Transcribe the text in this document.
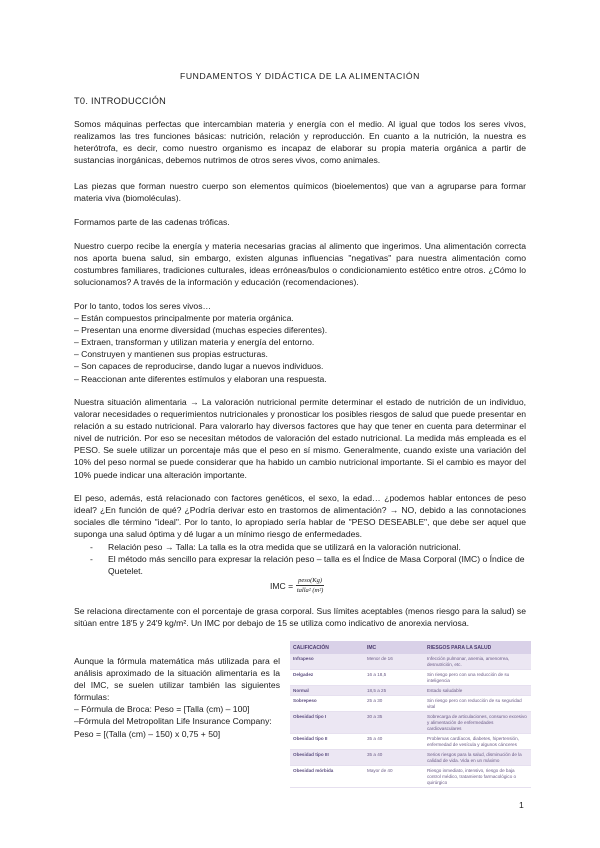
FUNDAMENTOS Y DIDÁCTICA DE LA ALIMENTACIÓN
T0. INTRODUCCIÓN
Somos máquinas perfectas que intercambian materia y energía con el medio. Al igual que todos los seres vivos, realizamos las tres funciones básicas: nutrición, relación y reproducción. En cuanto a la nutrición, la nuestra es heterótrofa, es decir, como nuestro organismo es incapaz de elaborar su propia materia orgánica a partir de sustancias inorgánicas, debemos nutrimos de otros seres vivos, como animales.
Las piezas que forman nuestro cuerpo son elementos químicos (bioelementos) que van a agruparse para formar materia viva (biomoléculas).
Formamos parte de las cadenas tróficas.
Nuestro cuerpo recibe la energía y materia necesarias gracias al alimento que ingerimos. Una alimentación correcta nos aporta buena salud, sin embargo, existen algunas influencias "negativas" para nuestra alimentación como costumbres familiares, tradiciones culturales, ideas erróneas/bulos o condicionamiento estético entre otros. ¿Cómo lo solucionamos? A través de la información y educación (recomendaciones).
Por lo tanto, todos los seres vivos…
– Están compuestos principalmente por materia orgánica.
– Presentan una enorme diversidad (muchas especies diferentes).
– Extraen, transforman y utilizan materia y energía del entorno.
– Construyen y mantienen sus propias estructuras.
– Son capaces de reproducirse, dando lugar a nuevos individuos.
– Reaccionan ante diferentes estímulos y elaboran una respuesta.
Nuestra situación alimentaria → La valoración nutricional permite determinar el estado de nutrición de un individuo, valorar necesidades o requerimientos nutricionales y pronosticar los posibles riesgos de salud que puede presentar en relación a su estado nutricional. Para valorarlo hay diversos factores que hay que tener en cuenta para determinar el nivel de nutrición. Por eso se necesitan métodos de valoración del estado nutricional. La medida más empleada es el PESO. Se suele utilizar un porcentaje más que el peso en sí mismo. Generalmente, cuando existe una variación del 10% del peso normal se puede considerar que ha habido un cambio nutricional importante. Si el cambio es mayor del 10% puede indicar una alteración importante.
El peso, además, está relacionado con factores genéticos, el sexo, la edad… ¿podemos hablar entonces de peso ideal? ¿En función de qué? ¿Podría derivar esto en trastornos de alimentación? → NO, debido a las connotaciones sociales dle término "ideal". Por lo tanto, lo apropiado sería hablar de "PESO DESEABLE", que debe ser aquel que suponga una salud óptima y dé lugar a un mínimo riesgo de enfermedades.
- Relación peso → Talla: La talla es la otra medida que se utilizará en la valoración nutricional.
- El método más sencillo para expresar la relación peso – talla es el Índice de Masa Corporal (IMC) o Índice de Quetelet.
IMC = $\frac{\text{peso(Kg)}}{\text{talla² (m²)}}$
Se relaciona directamente con el porcentaje de grasa corporal. Sus límites aceptables (menos riesgo para la salud) se sitúan entre 18'5 y 24'9 kg/m². Un IMC por debajo de 15 se utiliza como indicativo de anorexia nerviosa.
Aunque la fórmula matemática más utilizada para el análisis aproximado de la situación alimentaria es la del IMC, se suelen utilizar también las siguientes fórmulas:
– Fórmula de Broca: Peso = [Talla (cm) – 100]
–Fórmula del Metropolitan Life Insurance Company: Peso = [(Talla (cm) – 150) x 0,75 + 50]
CALIFICACIÓN	IMC	RIESGOS PARA LA SALUD
Infrapeso	Menor de 16	Infección pulmonar, anemia, amenorrea, desnutrición, etc.
Delgadez	16 a 18,5	Sin riesgo pero con una reducción de su inteligencia
Normal	18,5 a 25	Estado saludable
Sobrepeso	25 a 30	Sin riesgo pero con reducción de su seguridad vital
Obesidad tipo I	30 a 35	Sobrecarga de articulaciones, consumo excesivo y alimentación de enfermedades cardiovasculares
Obesidad tipo II	35 a 40	Problemas cardíacos, diabetes, hipertensión, enfermedad de vesícula y algunos cánceres
Obesidad tipo III	35 a 40	Serios riesgos para la salud, disminución de la calidad de vida. Vida en un máximo
Obesidad mórbida	Mayor de 40	Riesgo inmediato, intensivo, riesgo de baja control médico, tratamiento farmacológico o quirúrgico
1
